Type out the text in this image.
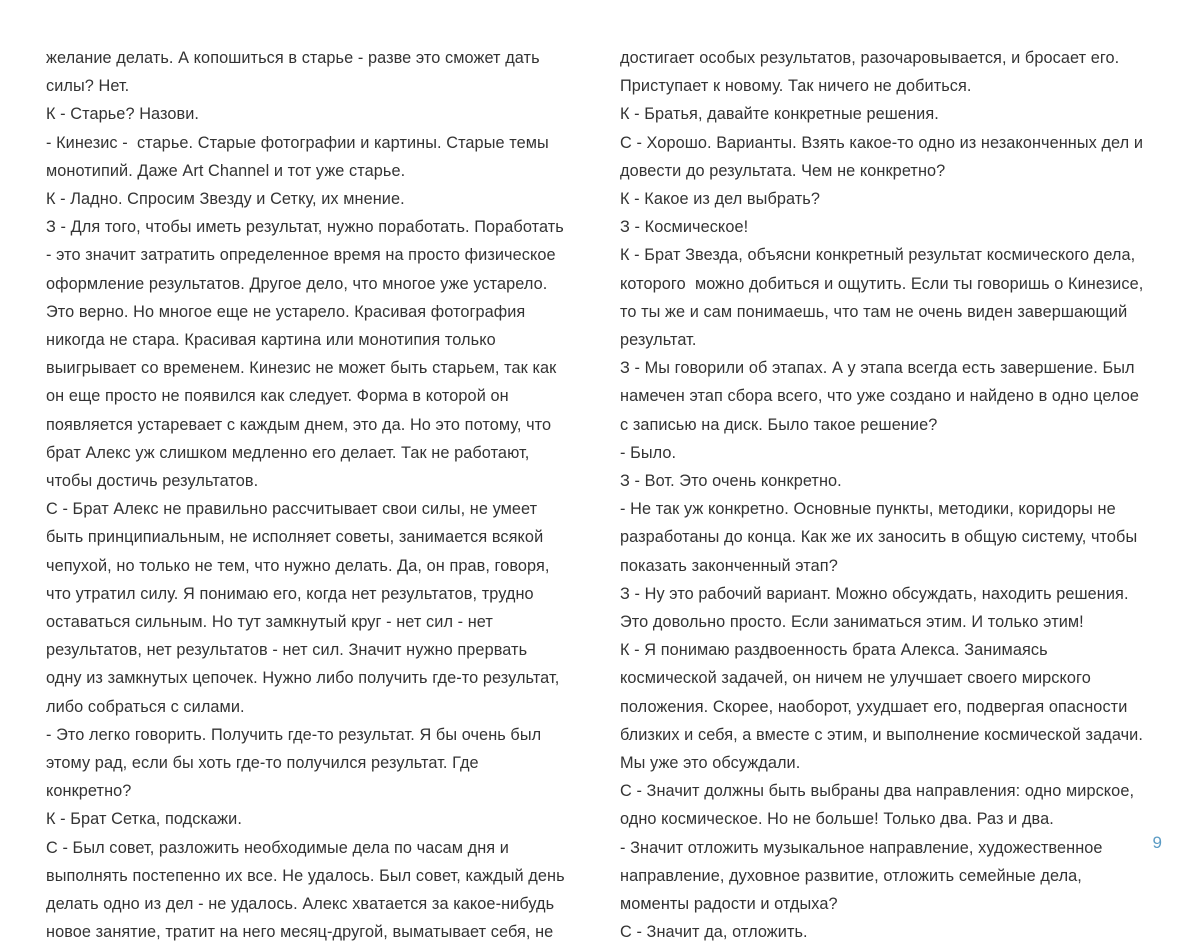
желание делать. А копошиться в старье - разве это сможет дать
силы? Нет.
К - Старье? Назови.
- Кинезис -  старье. Старые фотографии и картины. Старые темы
монотипий. Даже Art Channel и тот уже старье.
К - Ладно. Спросим Звезду и Сетку, их мнение.
З - Для того, чтобы иметь результат, нужно поработать. Поработать
- это значит затратить определенное время на просто физическое
оформление результатов. Другое дело, что многое уже устарело.
Это верно. Но многое еще не устарело. Красивая фотография
никогда не стара. Красивая картина или монотипия только
выигрывает со временем. Кинезис не может быть старьем, так как
он еще просто не появился как следует. Форма в которой он
появляется устаревает с каждым днем, это да. Но это потому, что
брат Алекс уж слишком медленно его делает. Так не работают,
чтобы достичь результатов.
С - Брат Алекс не правильно рассчитывает свои силы, не умеет
быть принципиальным, не исполняет советы, занимается всякой
чепухой, но только не тем, что нужно делать. Да, он прав, говоря,
что утратил силу. Я понимаю его, когда нет результатов, трудно
оставаться сильным. Но тут замкнутый круг - нет сил - нет
результатов, нет результатов - нет сил. Значит нужно прервать
одну из замкнутых цепочек. Нужно либо получить где-то результат,
либо собраться с силами.
- Это легко говорить. Получить где-то результат. Я бы очень был
этому рад, если бы хоть где-то получился результат. Где
конкретно?
К - Брат Сетка, подскажи.
С - Был совет, разложить необходимые дела по часам дня и
выполнять постепенно их все. Не удалось. Был совет, каждый день
делать одно из дел - не удалось. Алекс хватается за какое-нибудь
новое занятие, тратит на него месяц-другой, выматывает себя, не
достигает особых результатов, разочаровывается, и бросает его.
Приступает к новому. Так ничего не добиться.
К - Братья, давайте конкретные решения.
С - Хорошо. Варианты. Взять какое-то одно из незаконченных дел и
довести до результата. Чем не конкретно?
К - Какое из дел выбрать?
З - Космическое!
К - Брат Звезда, объясни конкретный результат космического дела,
которого  можно добиться и ощутить. Если ты говоришь о Кинезисе,
то ты же и сам понимаешь, что там не очень виден завершающий
результат.
З - Мы говорили об этапах. А у этапа всегда есть завершение. Был
намечен этап сбора всего, что уже создано и найдено в одно целое
с записью на диск. Было такое решение?
- Было.
З - Вот. Это очень конкретно.
- Не так уж конкретно. Основные пункты, методики, коридоры не
разработаны до конца. Как же их заносить в общую систему, чтобы
показать законченный этап?
З - Ну это рабочий вариант. Можно обсуждать, находить решения.
Это довольно просто. Если заниматься этим. И только этим!
К - Я понимаю раздвоенность брата Алекса. Занимаясь
космической задачей, он ничем не улучшает своего мирского
положения. Скорее, наоборот, ухудшает его, подвергая опасности
близких и себя, а вместе с этим, и выполнение космической задачи.
Мы уже это обсуждали.
С - Значит должны быть выбраны два направления: одно мирское,
одно космическое. Но не больше! Только два. Раз и два.
- Значит отложить музыкальное направление, художественное
направление, духовное развитие, отложить семейные дела,
моменты радости и отдыха?
С - Значит да, отложить.
9
